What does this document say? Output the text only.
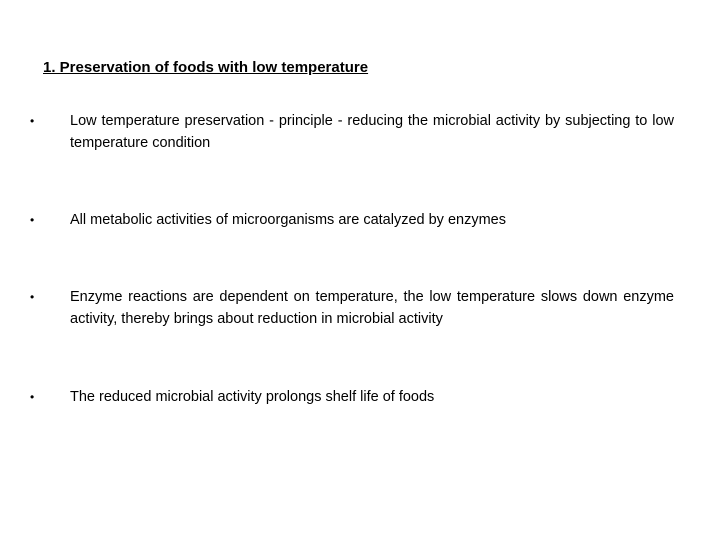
1. Preservation of foods with low temperature
•	Low temperature preservation - principle - reducing the microbial activity by subjecting to low temperature condition
•	All metabolic activities of microorganisms are catalyzed by enzymes
•	Enzyme reactions are dependent on temperature, the low temperature slows down enzyme activity, thereby brings about reduction in microbial activity
•	The reduced microbial activity prolongs shelf life of foods
